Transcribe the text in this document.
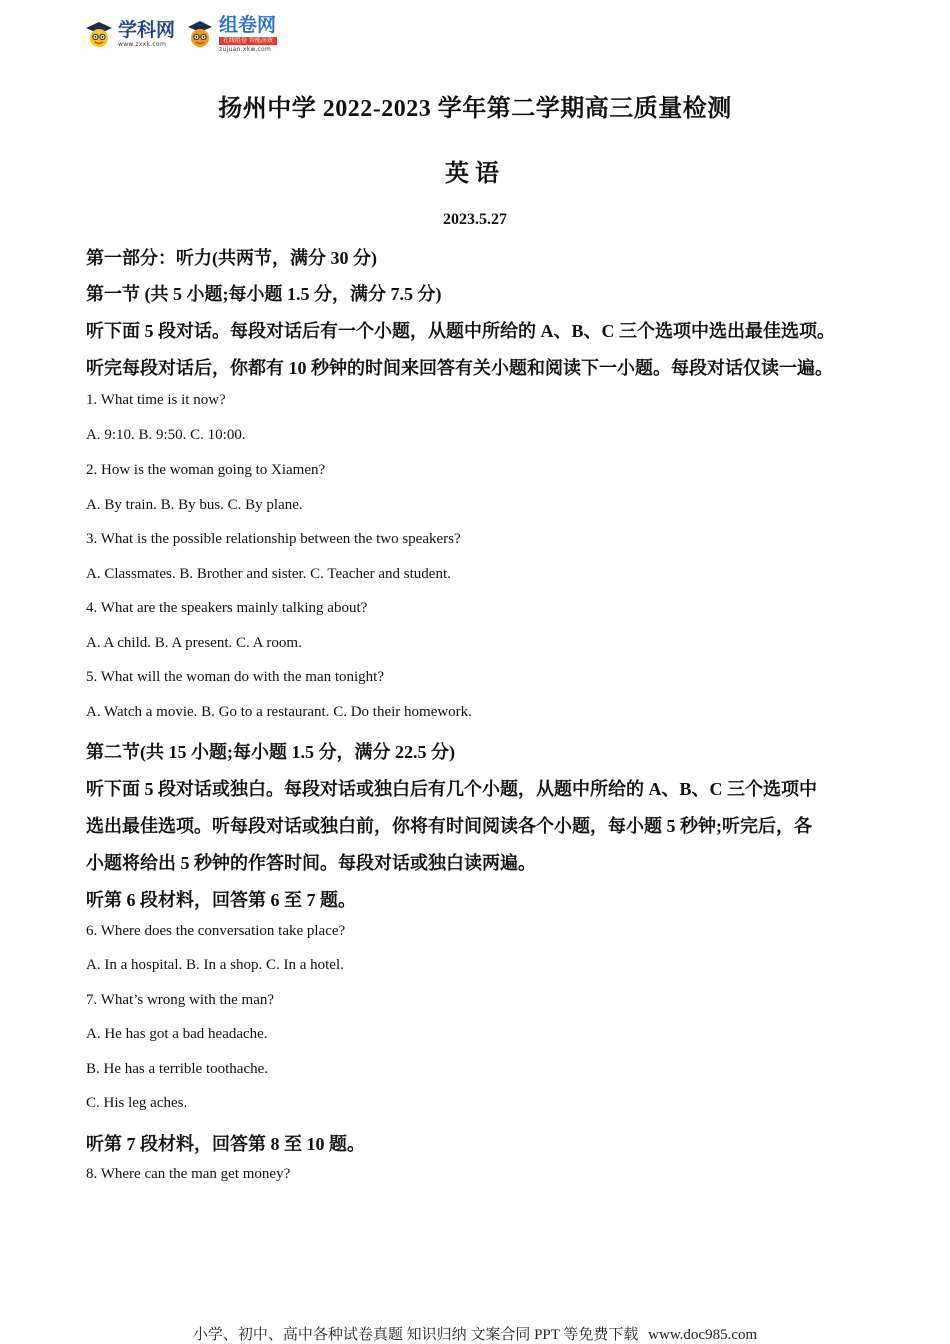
学科网
www.zxxk.com
组卷网
在线组卷 智能高效
zujuan.xkw.com
扬州中学 2022-2023 学年第二学期高三质量检测
英语
2023.5.27
第一部分：听力(共两节，满分 30 分)
第一节 (共 5 小题;每小题 1.5 分，满分 7.5 分)
听下面 5 段对话。每段对话后有一个小题，从题中所给的 A、B、C 三个选项中选出最佳选项。
听完每段对话后，你都有 10 秒钟的时间来回答有关小题和阅读下一小题。每段对话仅读一遍。
1. What time is it now?
A. 9:10. B. 9:50. C. 10:00.
2. How is the woman going to Xiamen?
A. By train. B. By bus. C. By plane.
3. What is the possible relationship between the two speakers?
A. Classmates. B. Brother and sister. C. Teacher and student.
4. What are the speakers mainly talking about?
A. A child. B. A present. C. A room.
5. What will the woman do with the man tonight?
A. Watch a movie. B. Go to a restaurant. C. Do their homework.
第二节(共 15 小题;每小题 1.5 分，满分 22.5 分)
听下面 5 段对话或独白。每段对话或独白后有几个小题，从题中所给的 A、B、C 三个选项中
选出最佳选项。听每段对话或独白前，你将有时间阅读各个小题，每小题 5 秒钟;听完后，各
小题将给出 5 秒钟的作答时间。每段对话或独白读两遍。
听第 6 段材料，回答第 6 至 7 题。
6. Where does the conversation take place?
A. In a hospital. B. In a shop. C. In a hotel.
7. What’s wrong with the man?
A. He has got a bad headache.
B. He has a terrible toothache.
C. His leg aches.
听第 7 段材料，回答第 8 至 10 题。
8. Where can the man get money?
小学、初中、高中各种试卷真题 知识归纳 文案合同 PPT 等免费下载 www.doc985.com
